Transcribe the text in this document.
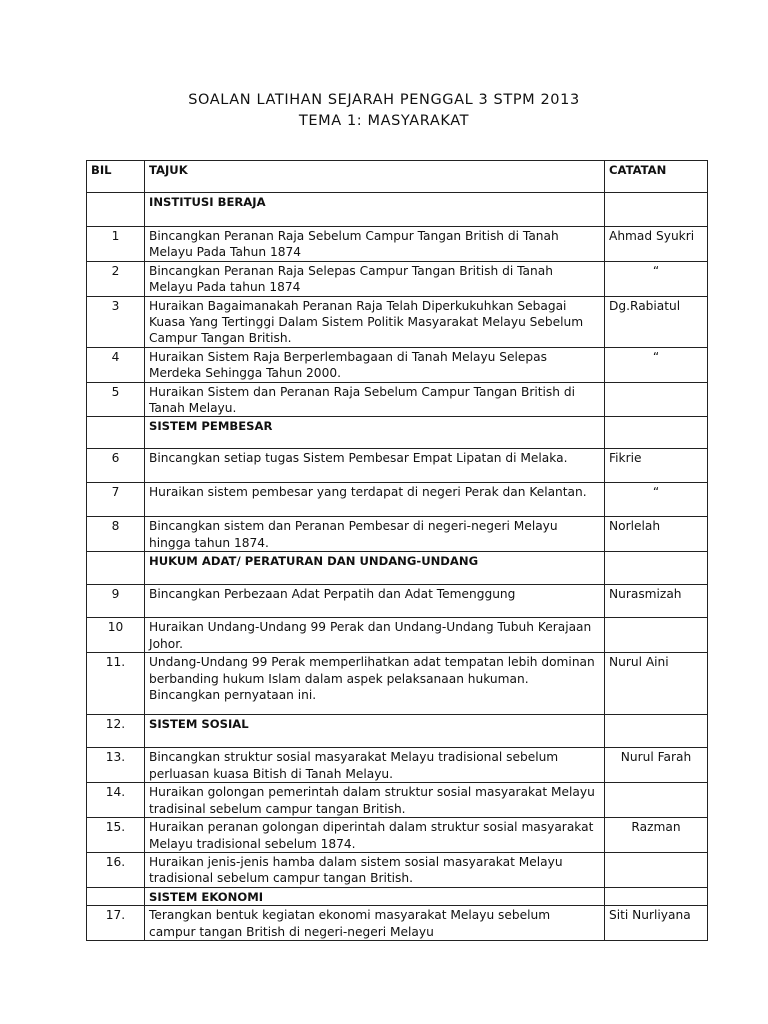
SOALAN LATIHAN SEJARAH PENGGAL 3 STPM 2013
TEMA 1: MASYARAKAT
BIL	TAJUK	CATATAN
	INSTITUSI BERAJA	
1	Bincangkan Peranan Raja Sebelum Campur Tangan British di Tanah Melayu Pada Tahun 1874	Ahmad Syukri
2	Bincangkan Peranan Raja Selepas Campur Tangan British di Tanah Melayu Pada tahun 1874	“
3	Huraikan Bagaimanakah Peranan Raja Telah Diperkukuhkan Sebagai Kuasa Yang Tertinggi Dalam Sistem Politik Masyarakat Melayu Sebelum Campur Tangan British.	Dg.Rabiatul
4	Huraikan Sistem Raja Berperlembagaan di Tanah Melayu Selepas Merdeka Sehingga Tahun 2000.	“
5	Huraikan Sistem dan Peranan Raja Sebelum Campur Tangan British di Tanah Melayu.	
	SISTEM PEMBESAR	
6	Bincangkan setiap tugas Sistem Pembesar Empat Lipatan di Melaka.	Fikrie
7	Huraikan sistem pembesar yang terdapat di negeri Perak dan Kelantan.	“
8	Bincangkan sistem dan Peranan Pembesar di negeri-negeri Melayu hingga tahun 1874.	Norlelah
	HUKUM ADAT/ PERATURAN DAN UNDANG-UNDANG	
9	Bincangkan Perbezaan Adat Perpatih dan Adat Temenggung	Nurasmizah
10	Huraikan Undang-Undang 99 Perak dan Undang-Undang Tubuh Kerajaan Johor.	
11.	Undang-Undang 99 Perak memperlihatkan adat tempatan lebih dominan berbanding hukum Islam dalam aspek pelaksanaan hukuman. Bincangkan pernyataan ini.	Nurul Aini
12.	SISTEM SOSIAL	
13.	Bincangkan struktur sosial masyarakat Melayu tradisional sebelum perluasan kuasa Bitish di Tanah Melayu.	Nurul Farah
14.	Huraikan golongan pemerintah dalam struktur sosial masyarakat Melayu tradisinal sebelum campur tangan British.	
15.	Huraikan peranan golongan diperintah dalam struktur sosial masyarakat Melayu tradisional sebelum 1874.	Razman
16.	Huraikan jenis-jenis hamba dalam sistem sosial masyarakat Melayu tradisional sebelum campur tangan British.	
	SISTEM EKONOMI	
17.	Terangkan bentuk kegiatan ekonomi masyarakat Melayu sebelum campur tangan British di negeri-negeri Melayu	Siti Nurliyana
